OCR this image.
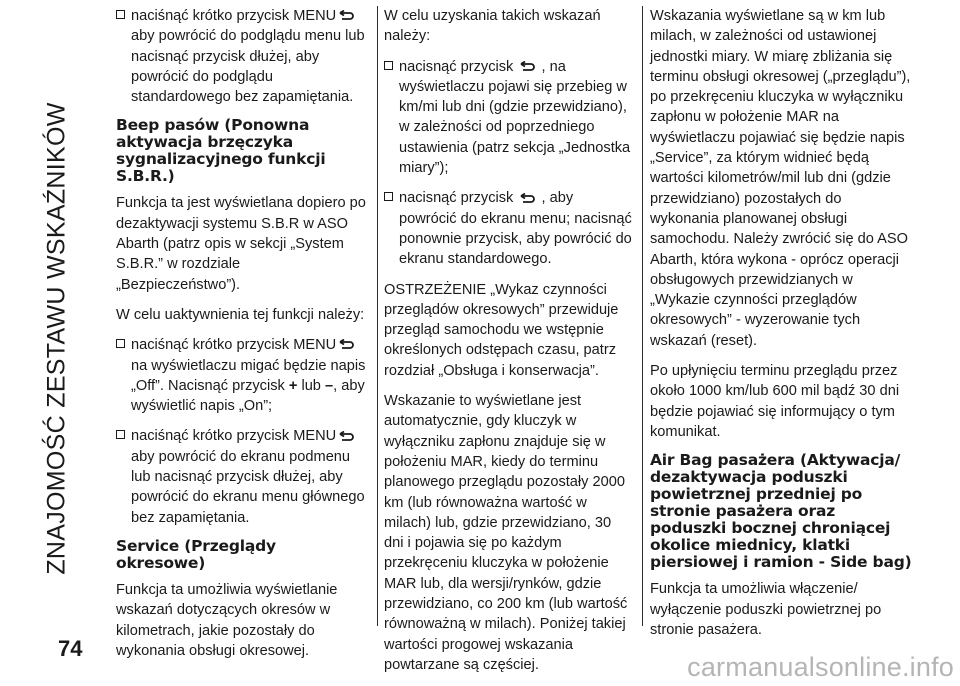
ZNAJOMOŚĆ ZESTAWU WSKAŹNIKÓW
naciśnąć krótko przycisk MENU aby powrócić do podglądu menu lub nacisnąć przycisk dłużej, aby powrócić do podglądu standardowego bez zapamiętania.
Beep pasów (Ponowna aktywacja brzęczyka sygnalizacyjnego funkcji S.B.R.)

Funkcja ta jest wyświetlana dopiero po dezaktywacji systemu S.B.R w ASO Abarth (patrz opis w sekcji „System S.B.R.” w rozdziale „Bezpieczeństwo”).

W celu uaktywnienia tej funkcji należy:

naciśnąć krótko przycisk MENU na wyświetlaczu migać będzie napis „Off”. Nacisnąć przycisk + lub –, aby wyświetlić napis „On”;
naciśnąć krótko przycisk MENU aby powrócić do ekranu podmenu lub nacisnąć przycisk dłużej, aby powrócić do ekranu menu głównego bez zapamiętania.
Service (Przeglądy okresowe)

Funkcja ta umożliwia wyświetlanie wskazań dotyczących okresów w kilometrach, jakie pozostały do wykonania obsługi okresowej.

W celu uzyskania takich wskazań należy:

nacisnąć przycisk  , na wyświetlaczu pojawi się przebieg w km/mi lub dni (gdzie przewidziano), w zależności od poprzedniego ustawienia (patrz sekcja „Jednostka miary”);
nacisnąć przycisk  , aby powrócić do ekranu menu; nacisnąć ponownie przycisk, aby powrócić do ekranu standardowego.

OSTRZEŻENIE „Wykaz czynności przeglądów okresowych” przewiduje przegląd samochodu we wstępnie określonych odstępach czasu, patrz rozdział „Obsługa i konserwacja”.

Wskazanie to wyświetlane jest automatycznie, gdy kluczyk w wyłączniku zapłonu znajduje się w położeniu MAR, kiedy do terminu planowego przeglądu pozostały 2000 km (lub równoważna wartość w milach) lub, gdzie przewidziano, 30 dni i pojawia się po każdym przekręceniu kluczyka w położenie MAR lub, dla wersji/rynków, gdzie przewidziano, co 200 km (lub wartość równoważną w milach). Poniżej takiej wartości progowej wskazania powtarzane są częściej.

Wskazania wyświetlane są w km lub milach, w zależności od ustawionej jednostki miary. W miarę zbliżania się terminu obsługi okresowej („przeglądu”), po przekręceniu kluczyka w wyłączniku zapłonu w położenie MAR na wyświetlaczu pojawiać się będzie napis „Service”, za którym widnieć będą wartości kilometrów/mil lub dni (gdzie przewidziano) pozostałych do wykonania planowanej obsługi samochodu. Należy zwrócić się do ASO Abarth, która wykona - oprócz operacji obsługowych przewidzianych w „Wykazie czynności przeglądów okresowych” - wyzerowanie tych wskazań (reset).

Po upłynięciu terminu przeglądu przez około 1000 km/lub 600 mil bądź 30 dni będzie pojawiać się informujący o tym komunikat.

Air Bag pasażera (Aktywacja/ dezaktywacja poduszki powietrznej przedniej po stronie pasażera oraz poduszki bocznej chroniącej okolice miednicy, klatki piersiowej i ramion - Side bag)

Funkcja ta umożliwia włączenie/ wyłączenie poduszki powietrznej po stronie pasażera.

74
carmanualsonline.info
